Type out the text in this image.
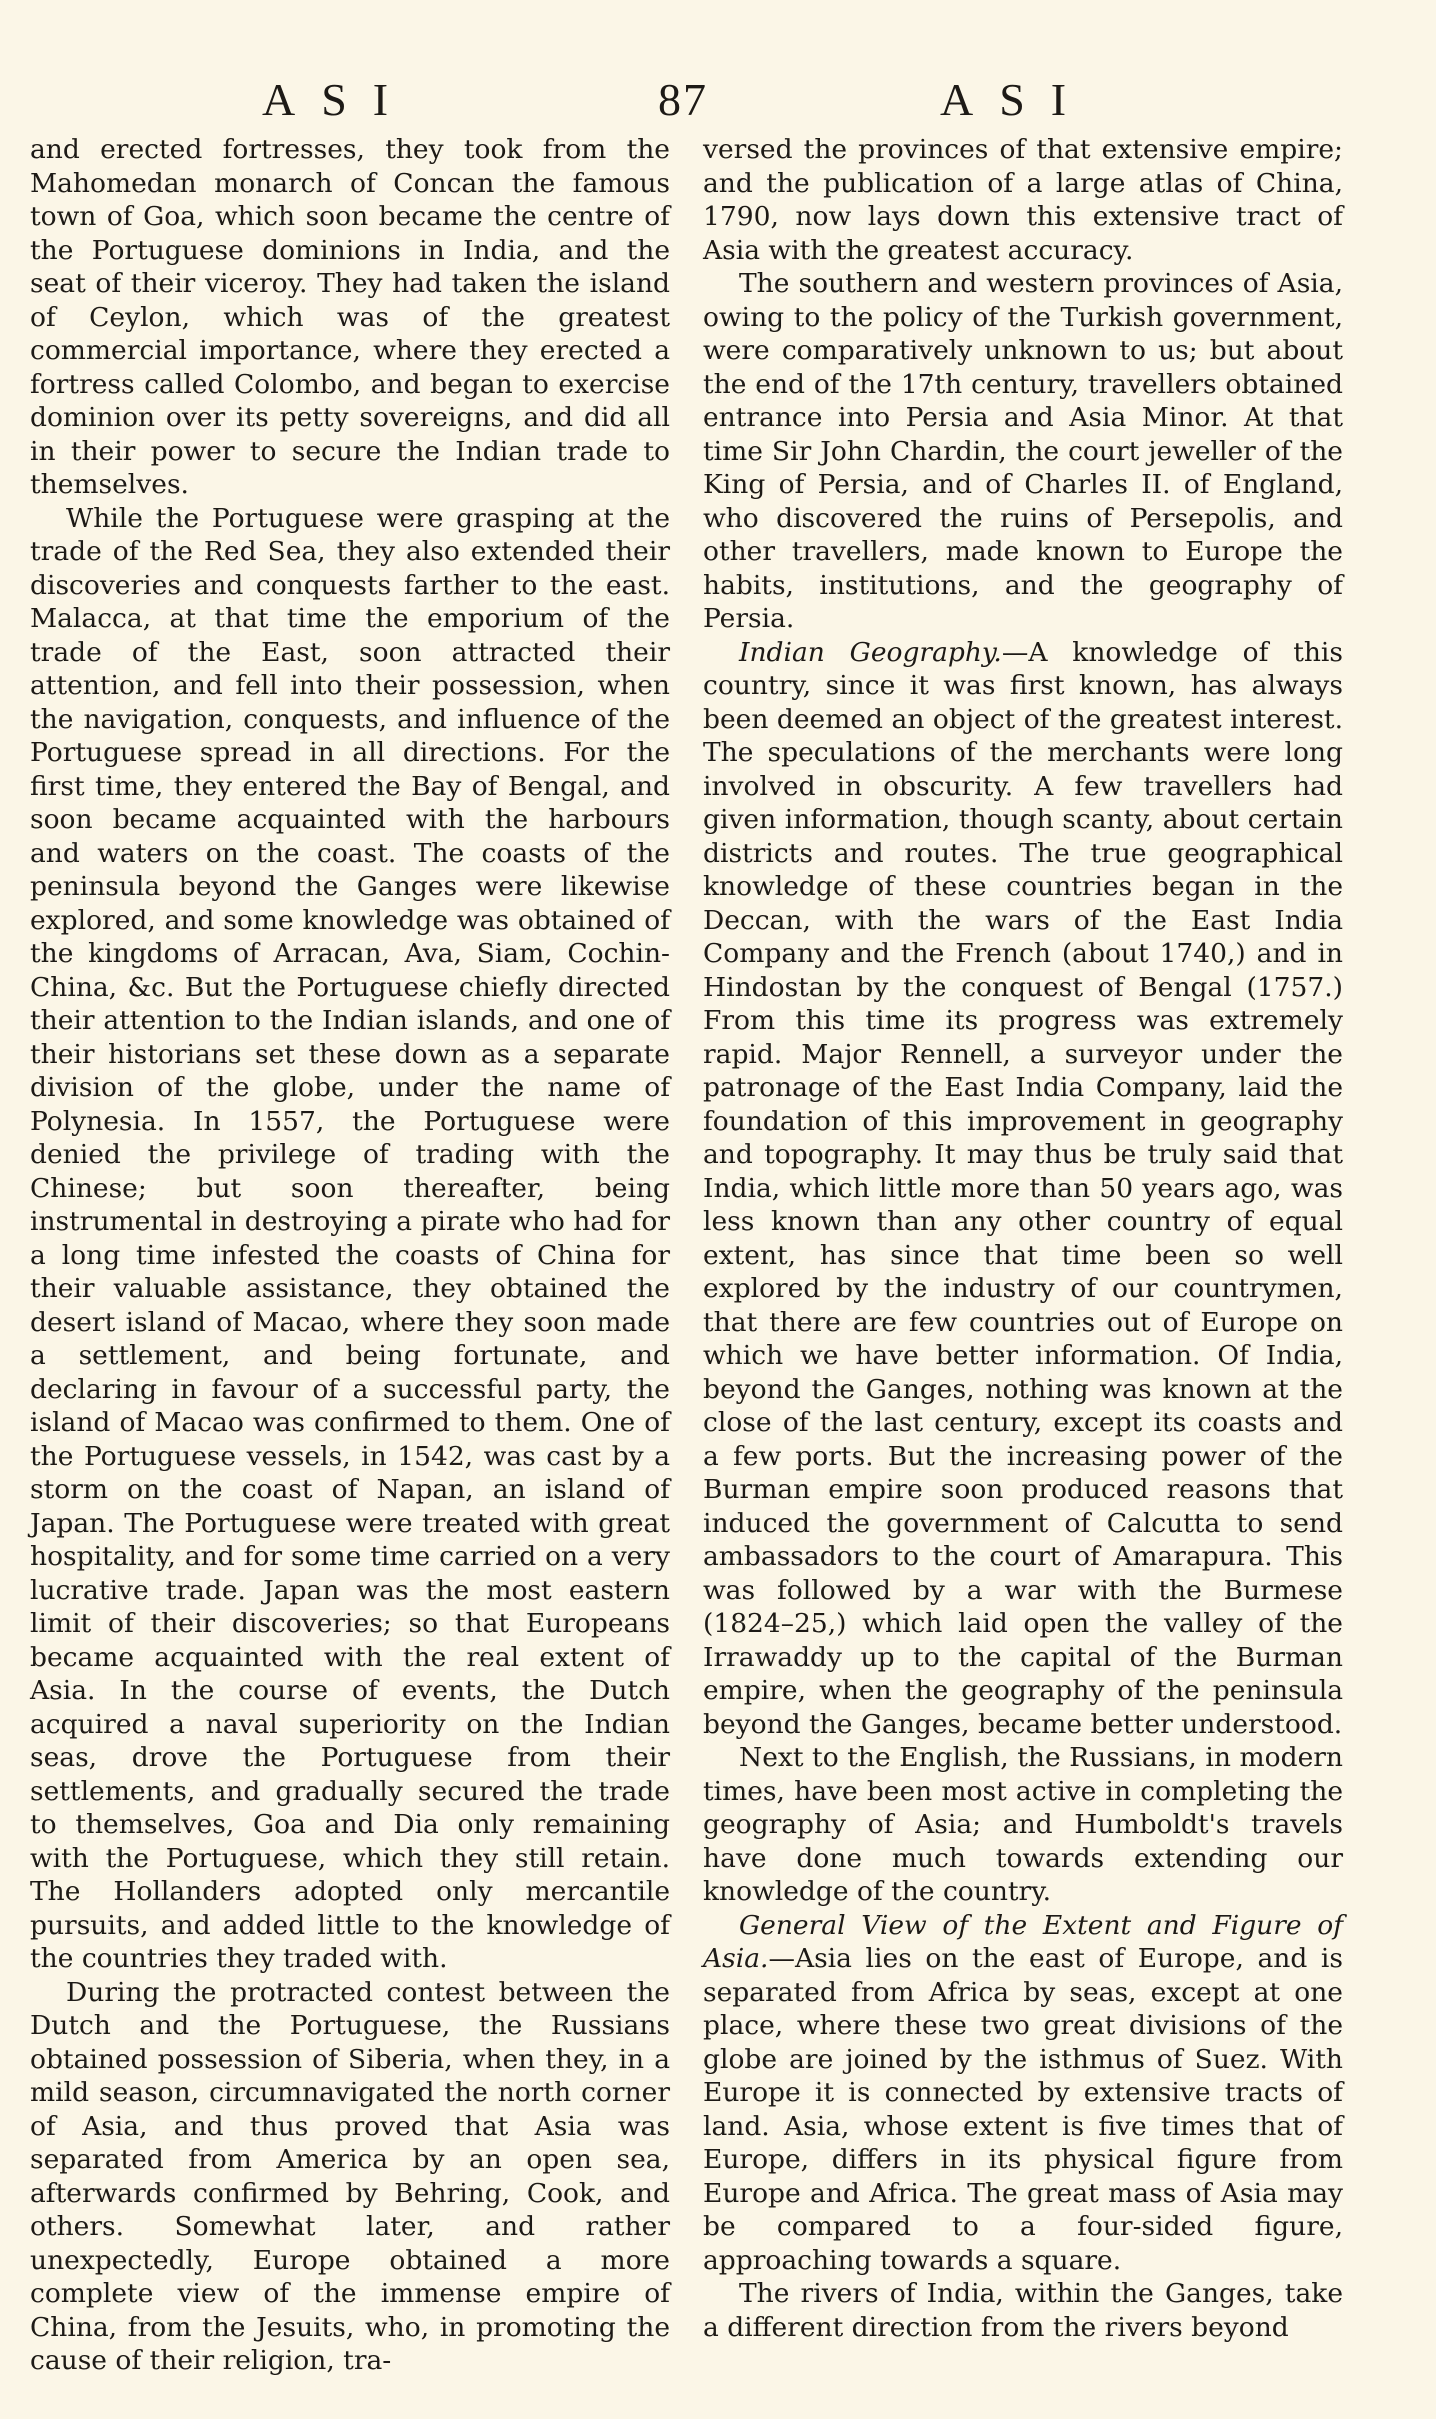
ASI	87	ASI

and erected fortresses, they took from the Mahomedan monarch of Concan the famous town of Goa, which soon became the centre of the Portuguese dominions in India, and the seat of their viceroy. They had taken the island of Ceylon, which was of the greatest commercial importance, where they erected a fortress called Colombo, and began to exercise dominion over its petty sovereigns, and did all in their power to secure the Indian trade to themselves.

While the Portuguese were grasping at the trade of the Red Sea, they also extended their discoveries and conquests farther to the east. Malacca, at that time the emporium of the trade of the East, soon attracted their attention, and fell into their possession, when the navigation, conquests, and influence of the Portuguese spread in all directions. For the first time, they entered the Bay of Bengal, and soon became acquainted with the harbours and waters on the coast. The coasts of the peninsula beyond the Ganges were likewise explored, and some knowledge was obtained of the kingdoms of Arracan, Ava, Siam, Cochin-China, &c. But the Portuguese chiefly directed their attention to the Indian islands, and one of their historians set these down as a separate division of the globe, under the name of Polynesia. In 1557, the Portuguese were denied the privilege of trading with the Chinese; but soon thereafter, being instrumental in destroying a pirate who had for a long time infested the coasts of China for their valuable assistance, they obtained the desert island of Macao, where they soon made a settlement, and being fortunate, and declaring in favour of a successful party, the island of Macao was confirmed to them. One of the Portuguese vessels, in 1542, was cast by a storm on the coast of Napan, an island of Japan. The Portuguese were treated with great hospitality, and for some time carried on a very lucrative trade. Japan was the most eastern limit of their discoveries; so that Europeans became acquainted with the real extent of Asia. In the course of events, the Dutch acquired a naval superiority on the Indian seas, drove the Portuguese from their settlements, and gradually secured the trade to themselves, Goa and Dia only remaining with the Portuguese, which they still retain. The Hollanders adopted only mercantile pursuits, and added little to the knowledge of the countries they traded with.

During the protracted contest between the Dutch and the Portuguese, the Russians obtained possession of Siberia, when they, in a mild season, circumnavigated the north corner of Asia, and thus proved that Asia was separated from America by an open sea, afterwards confirmed by Behring, Cook, and others. Somewhat later, and rather unexpectedly, Europe obtained a more complete view of the immense empire of China, from the Jesuits, who, in promoting the cause of their religion, tra-

versed the provinces of that extensive empire; and the publication of a large atlas of China, 1790, now lays down this extensive tract of Asia with the greatest accuracy.

The southern and western provinces of Asia, owing to the policy of the Turkish government, were comparatively unknown to us; but about the end of the 17th century, travellers obtained entrance into Persia and Asia Minor. At that time Sir John Chardin, the court jeweller of the King of Persia, and of Charles II. of England, who discovered the ruins of Persepolis, and other travellers, made known to Europe the habits, institutions, and the geography of Persia.

Indian Geography.—A knowledge of this country, since it was first known, has always been deemed an object of the greatest interest. The speculations of the merchants were long involved in obscurity. A few travellers had given information, though scanty, about certain districts and routes. The true geographical knowledge of these countries began in the Deccan, with the wars of the East India Company and the French (about 1740,) and in Hindostan by the conquest of Bengal (1757.) From this time its progress was extremely rapid. Major Rennell, a surveyor under the patronage of the East India Company, laid the foundation of this improvement in geography and topography. It may thus be truly said that India, which little more than 50 years ago, was less known than any other country of equal extent, has since that time been so well explored by the industry of our countrymen, that there are few countries out of Europe on which we have better information. Of India, beyond the Ganges, nothing was known at the close of the last century, except its coasts and a few ports. But the increasing power of the Burman empire soon produced reasons that induced the government of Calcutta to send ambassadors to the court of Amarapura. This was followed by a war with the Burmese (1824–25,) which laid open the valley of the Irrawaddy up to the capital of the Burman empire, when the geography of the peninsula beyond the Ganges, became better understood.

Next to the English, the Russians, in modern times, have been most active in completing the geography of Asia; and Humboldt's travels have done much towards extending our knowledge of the country.

General View of the Extent and Figure of Asia.—Asia lies on the east of Europe, and is separated from Africa by seas, except at one place, where these two great divisions of the globe are joined by the isthmus of Suez. With Europe it is connected by extensive tracts of land. Asia, whose extent is five times that of Europe, differs in its physical figure from Europe and Africa. The great mass of Asia may be compared to a four-sided figure, approaching towards a square.

The rivers of India, within the Ganges, take a different direction from the rivers beyond
